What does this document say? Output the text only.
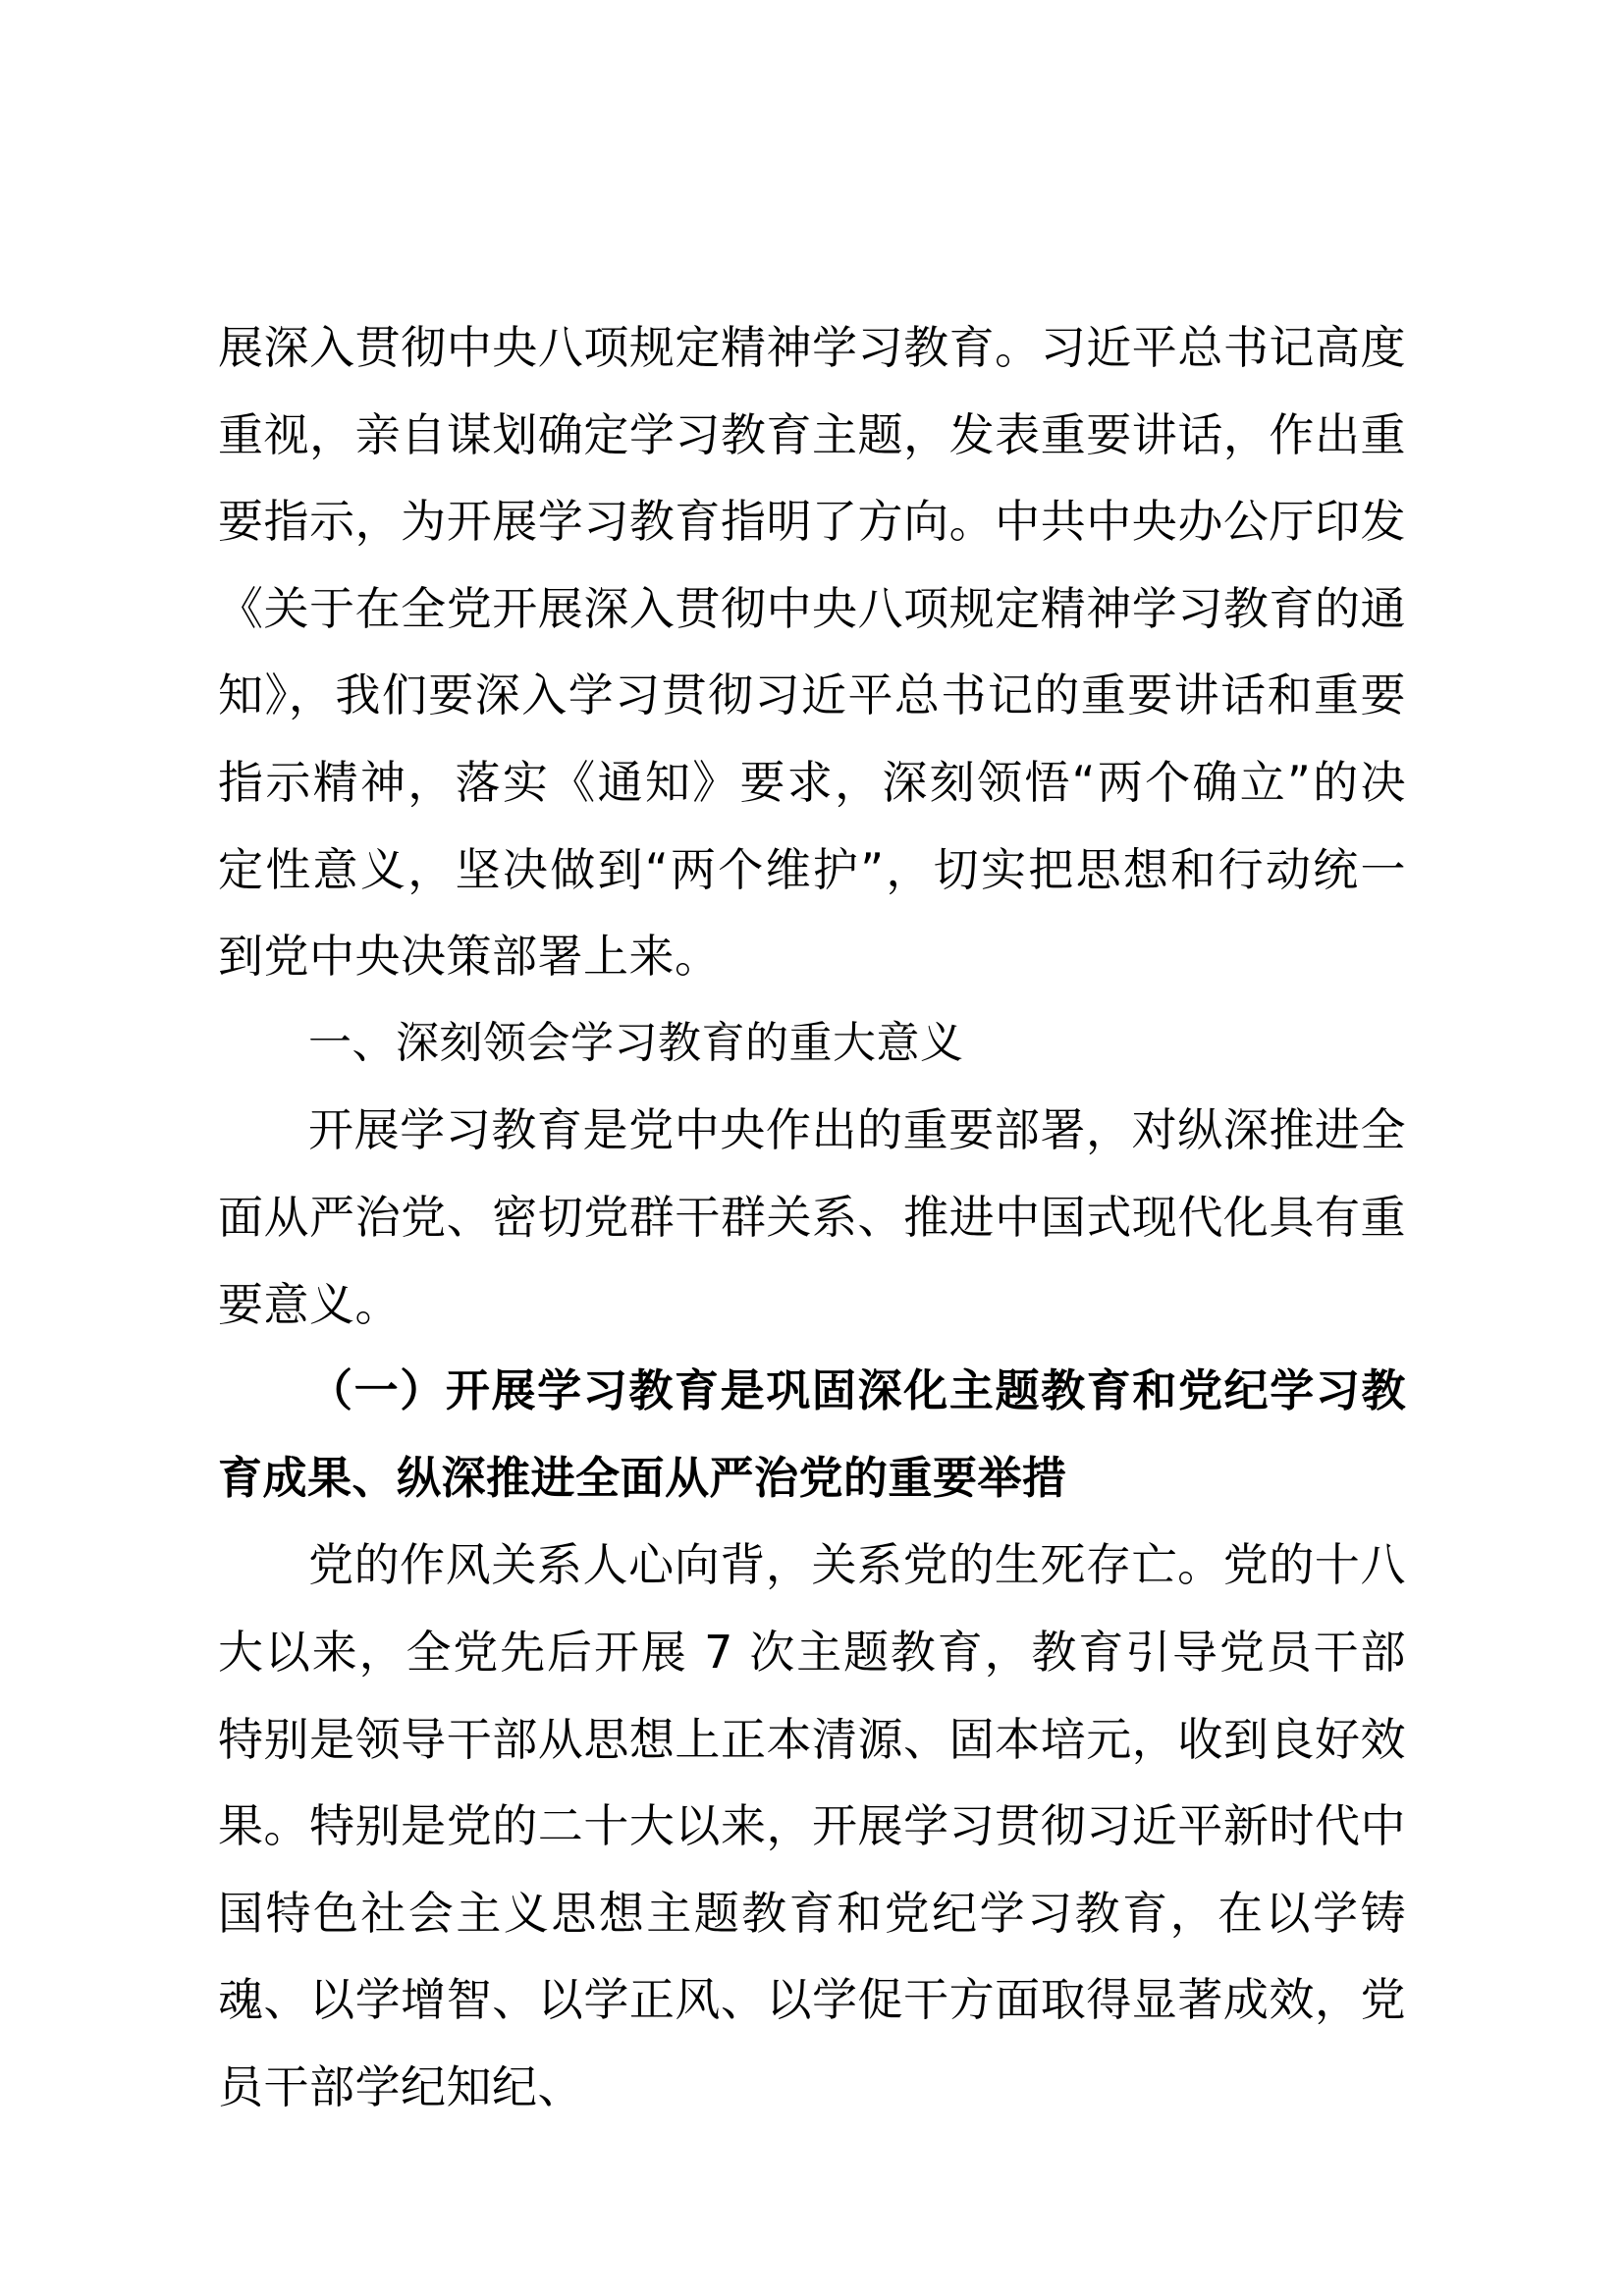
展深入贯彻中央八项规定精神学习教育。习近平总书记高度重视，亲自谋划确定学习教育主题，发表重要讲话，作出重要指示，为开展学习教育指明了方向。中共中央办公厅印发《关于在全党开展深入贯彻中央八项规定精神学习教育的通知》，我们要深入学习贯彻习近平总书记的重要讲话和重要指示精神，落实《通知》要求，深刻领悟“两个确立”的决定性意义，坚决做到“两个维护”，切实把思想和行动统一到党中央决策部署上来。

一、深刻领会学习教育的重大意义

开展学习教育是党中央作出的重要部署，对纵深推进全面从严治党、密切党群干群关系、推进中国式现代化具有重要意义。

（一）开展学习教育是巩固深化主题教育和党纪学习教育成果、纵深推进全面从严治党的重要举措

党的作风关系人心向背，关系党的生死存亡。党的十八大以来，全党先后开展 7 次主题教育，教育引导党员干部特别是领导干部从思想上正本清源、固本培元，收到良好效果。特别是党的二十大以来，开展学习贯彻习近平新时代中国特色社会主义思想主题教育和党纪学习教育，在以学铸魂、以学增智、以学正风、以学促干方面取得显著成效，党员干部学纪知纪、
